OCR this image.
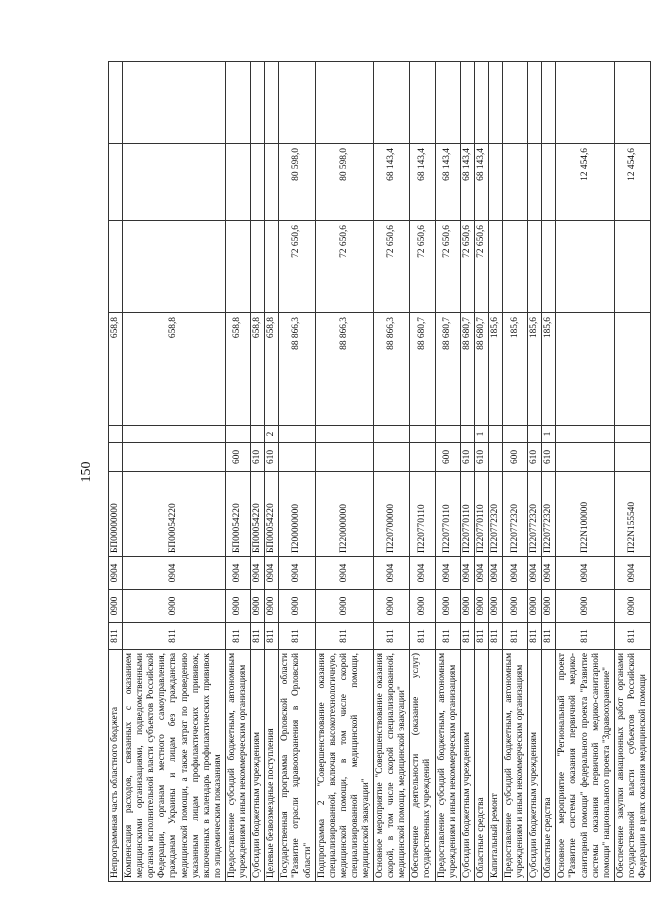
150
Непрограммная часть областного бюджета	811	0900	0904	БП00000000			658,8			
Компенсация расходов, связанных с оказанием медицинскими организациями, подведомственными органам исполнительной власти субъектов Российской Федерации, органам местного самоуправления, гражданам Украины и лицам без гражданства медицинской помощи, а также затрат по проведению указанным лицам профилактических прививок, включенных в календарь профилактических прививок по эпидемическим показаниям	811	0900	0904	БП00054220			658,8			
Предоставление субсидий бюджетным, автономным учреждениям и иным некоммерческим организациям	811	0900	0904	БП00054220	600		658,8			
Субсидии бюджетным учреждениям	811	0900	0904	БП00054220	610		658,8			
Целевые безвозмездные поступления	811	0900	0904	БП00054220	610	2	658,8			
Государственная программа Орловской области "Развитие отрасли здравоохранения в Орловской области"	811	0900	0904	П200000000			88 866,3	72 650,6	80 598,0	
Подпрограмма 2 "Совершенствование оказания специализированной, включая высокотехнологичную, медицинской помощи, в том числе скорой специализированной медицинской помощи, медицинской эвакуации"	811	0900	0904	П220000000			88 866,3	72 650,6	80 598,0	
Основное мероприятие "Совершенствование оказания скорой, в том числе скорой специализированной, медицинской помощи, медицинской эвакуации"	811	0900	0904	П220700000			88 866,3	72 650,6	68 143,4	
Обеспечение деятельности (оказание услуг) государственных учреждений	811	0900	0904	П220770110			88 680,7	72 650,6	68 143,4	
Предоставление субсидий бюджетным, автономным учреждениям и иным некоммерческим организациям	811	0900	0904	П220770110	600		88 680,7	72 650,6	68 143,4	
Субсидии бюджетным учреждениям	811	0900	0904	П220770110	610		88 680,7	72 650,6	68 143,4	
Областные средства	811	0900	0904	П220770110	610	1	88 680,7	72 650,6	68 143,4	
Капитальный ремонт	811	0900	0904	П220772320			185,6			
Предоставление субсидий бюджетным, автономным учреждениям и иным некоммерческим организациям	811	0900	0904	П220772320	600		185,6			
Субсидии бюджетным учреждениям	811	0900	0904	П220772320	610		185,6			
Областные средства	811	0900	0904	П220772320	610	1	185,6			
Основное мероприятие "Региональный проект "Развитие системы оказания первичной медико-санитарной помощи" федерального проекта "Развитие системы оказания первичной медико-санитарной помощи" национального проекта "Здравоохранение"	811	0900	0904	П22N100000					12 454,6	
Обеспечение закупки авиационных работ органами государственной власти субъектов Российской Федерации в целях оказания медицинской помощи	811	0900	0904	П22N155540					12 454,6	
